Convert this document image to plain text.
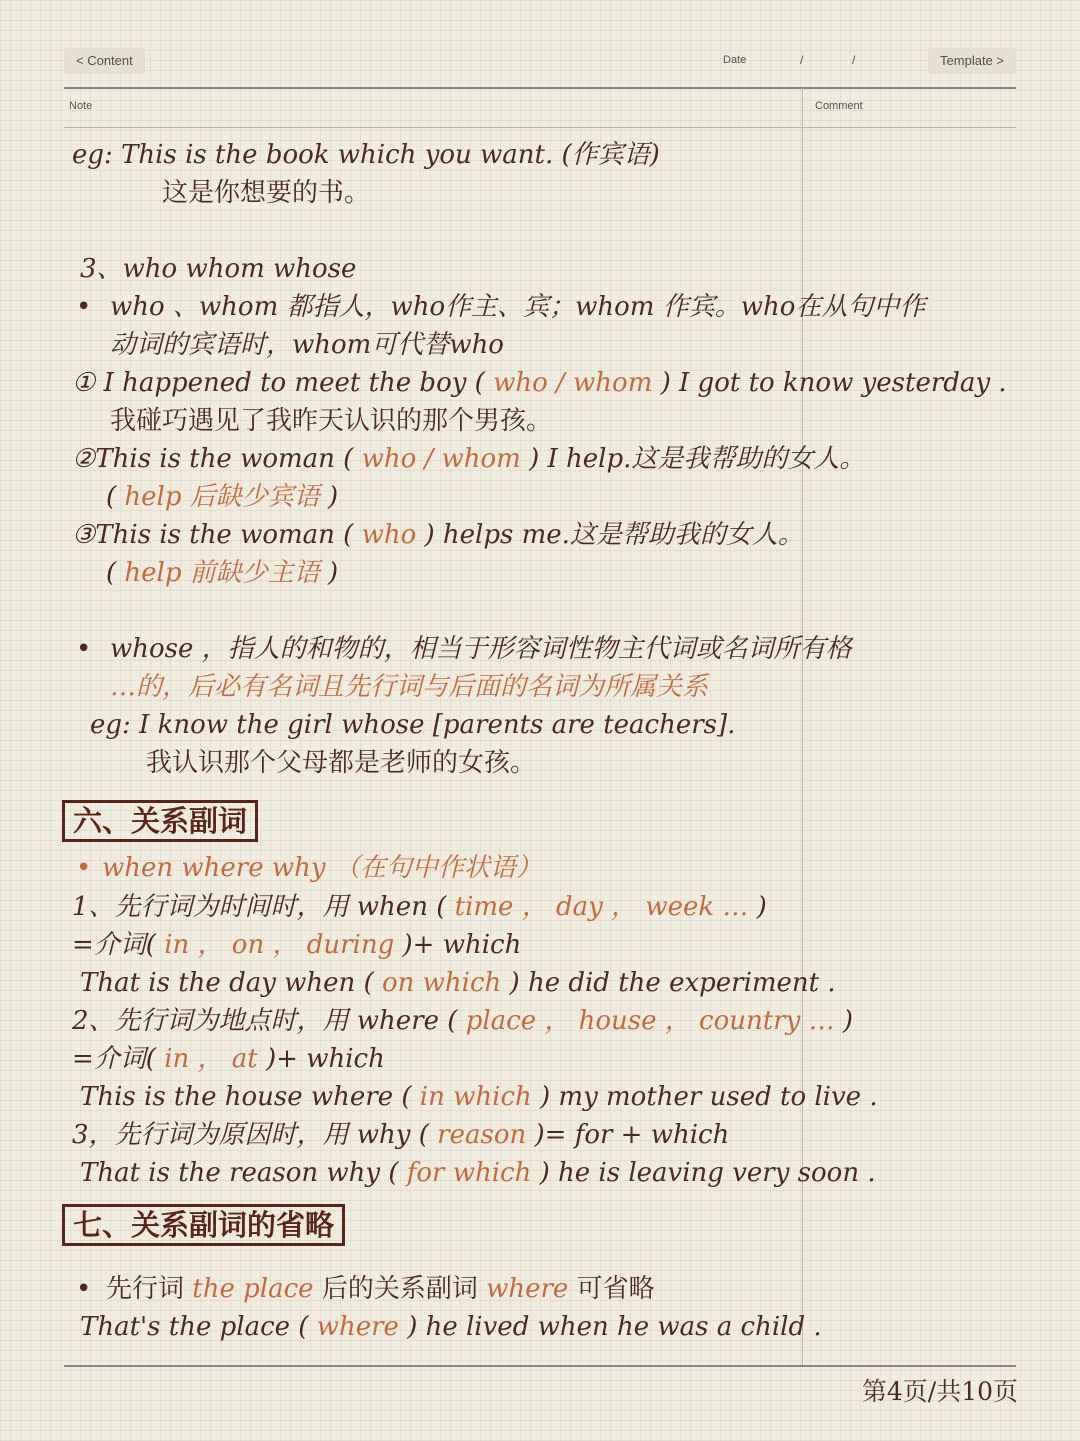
< Content	Date	/	/	Template >
Note	Comment
eg: This is the book which you want. (作宾语)
这是你想要的书。
3、who whom whose
• who 、whom 都指人，who作主、宾；whom 作宾。who在从句中作
动词的宾语时，whom可代替who
① I happened to meet the boy ( who / whom ) I got to know yesterday .
我碰巧遇见了我昨天认识的那个男孩。
②This is the woman ( who / whom ) I help.这是我帮助的女人。
( help 后缺少宾语 )
③This is the woman ( who ) helps me.这是帮助我的女人。
( help 前缺少主语 )
• whose ，指人的和物的，相当于形容词性物主代词或名词所有格
…的，后必有名词且先行词与后面的名词为所属关系
eg: I know the girl whose [parents are teachers].
我认识那个父母都是老师的女孩。
六、关系副词
• when where why （在句中作状语）
1、先行词为时间时，用 when ( time ， day ， week … )
=介词( in ， on ， during )+ which
That is the day when ( on which ) he did the experiment .
2、先行词为地点时，用 where ( place ， house ， country … )
=介词( in ， at )+ which
This is the house where ( in which ) my mother used to live .
3，先行词为原因时，用 why ( reason )= for + which
That is the reason why ( for which ) he is leaving very soon .
七、关系副词的省略
• 先行词 the place 后的关系副词 where 可省略
That's the place ( where ) he lived when he was a child .
第4页/共10页
